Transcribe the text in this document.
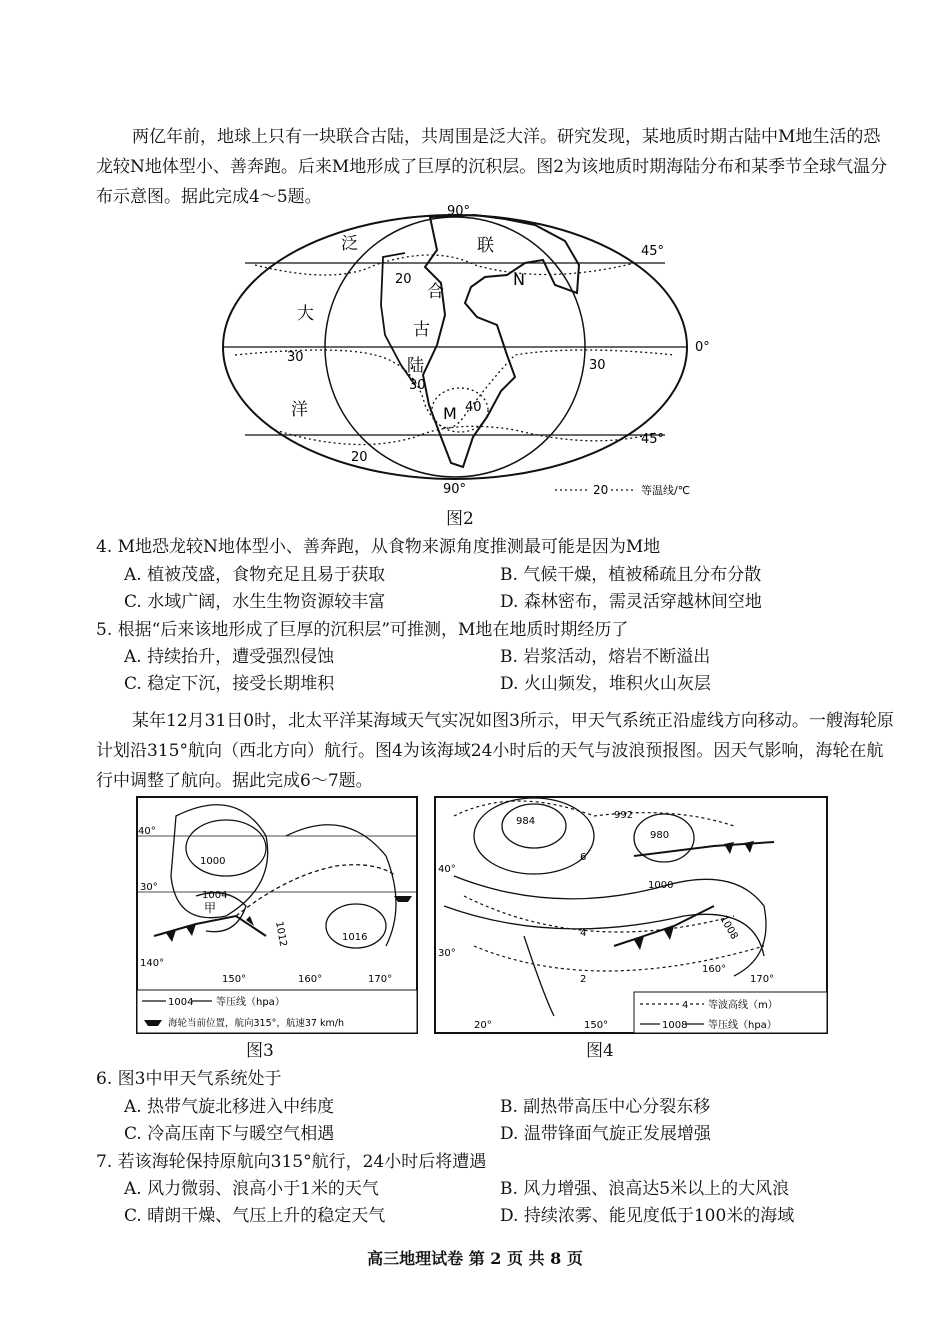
两亿年前，地球上只有一块联合古陆，共周围是泛大洋。研究发现，某地质时期古陆中M地生活的恐龙较N地体型小、善奔跑。后来M地形成了巨厚的沉积层。图2为该地质时期海陆分布和某季节全球气温分布示意图。据此完成4～5题。

90°
45°
0°
45°
90°
20
30
30
30
40
20
泛
大
洋
联
合
古
陆
N
M
20	等温线/℃
图2
4. M地恐龙较N地体型小、善奔跑，从食物来源角度推测最可能是因为M地
A. 植被茂盛，食物充足且易于获取	B. 气候干燥，植被稀疏且分布分散
C. 水域广阔，水生生物资源较丰富	D. 森林密布，需灵活穿越林间空地
5. 根据“后来该地形成了巨厚的沉积层”可推测，M地在地质时期经历了
A. 持续抬升，遭受强烈侵蚀	B. 岩浆活动，熔岩不断溢出
C. 稳定下沉，接受长期堆积	D. 火山频发，堆积火山灰层

某年12月31日0时，北太平洋某海域天气实况如图3所示，甲天气系统正沿虚线方向移动。一艘海轮原计划沿315°航向（西北方向）航行。图4为该海域24小时后的天气与波浪预报图。因天气影响，海轮在航行中调整了航向。据此完成6～7题。

40°
30°
140°
150°	160°	170°
1000
1004
1012	1016
甲
1004 等压线（hpa）
海轮当前位置，航向315°，航速37 km/h
图3
40°
30°
20°	150°
160°
170°
984
992
980
1000
1008
6
4
2
4 等波高线（m）
1008 等压线（hpa）
图4
6. 图3中甲天气系统处于
A. 热带气旋北移进入中纬度	B. 副热带高压中心分裂东移
C. 冷高压南下与暖空气相遇	D. 温带锋面气旋正发展增强
7. 若该海轮保持原航向315°航行，24小时后将遭遇
A. 风力微弱、浪高小于1米的天气	B. 风力增强、浪高达5米以上的大风浪
C. 晴朗干燥、气压上升的稳定天气	D. 持续浓雾、能见度低于100米的海域
高三地理试卷 第 2 页 共 8 页
